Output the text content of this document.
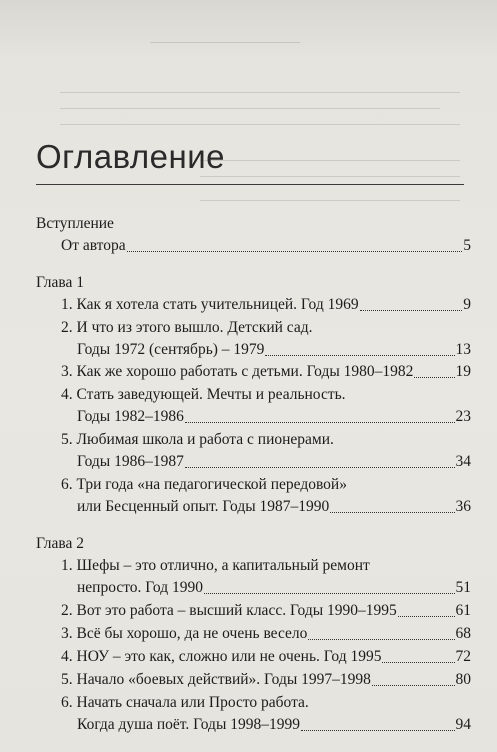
Оглавление
Вступление
От автора	5
Глава 1
1. Как я хотела стать учительницей. Год 1969	9
2. И что из этого вышло. Детский сад.
Годы 1972 (сентябрь) – 1979	13
3. Как же хорошо работать с детьми. Годы 1980–1982	19
4. Стать заведующей. Мечты и реальность.
Годы 1982–1986	23
5. Любимая школа и работа с пионерами.
Годы 1986–1987	34
6. Три года «на педагогической передовой»
или Бесценный опыт. Годы 1987–1990	36
Глава 2
1. Шефы – это отлично, а капитальный ремонт
непросто. Год 1990	51
2. Вот это работа – высший класс. Годы 1990–1995	61
3. Всё бы хорошо, да не очень весело	68
4. НОУ – это как, сложно или не очень. Год 1995	72
5. Начало «боевых действий». Годы 1997–1998	80
6. Начать сначала или Просто работа.
Когда душа поёт. Годы 1998–1999	94
